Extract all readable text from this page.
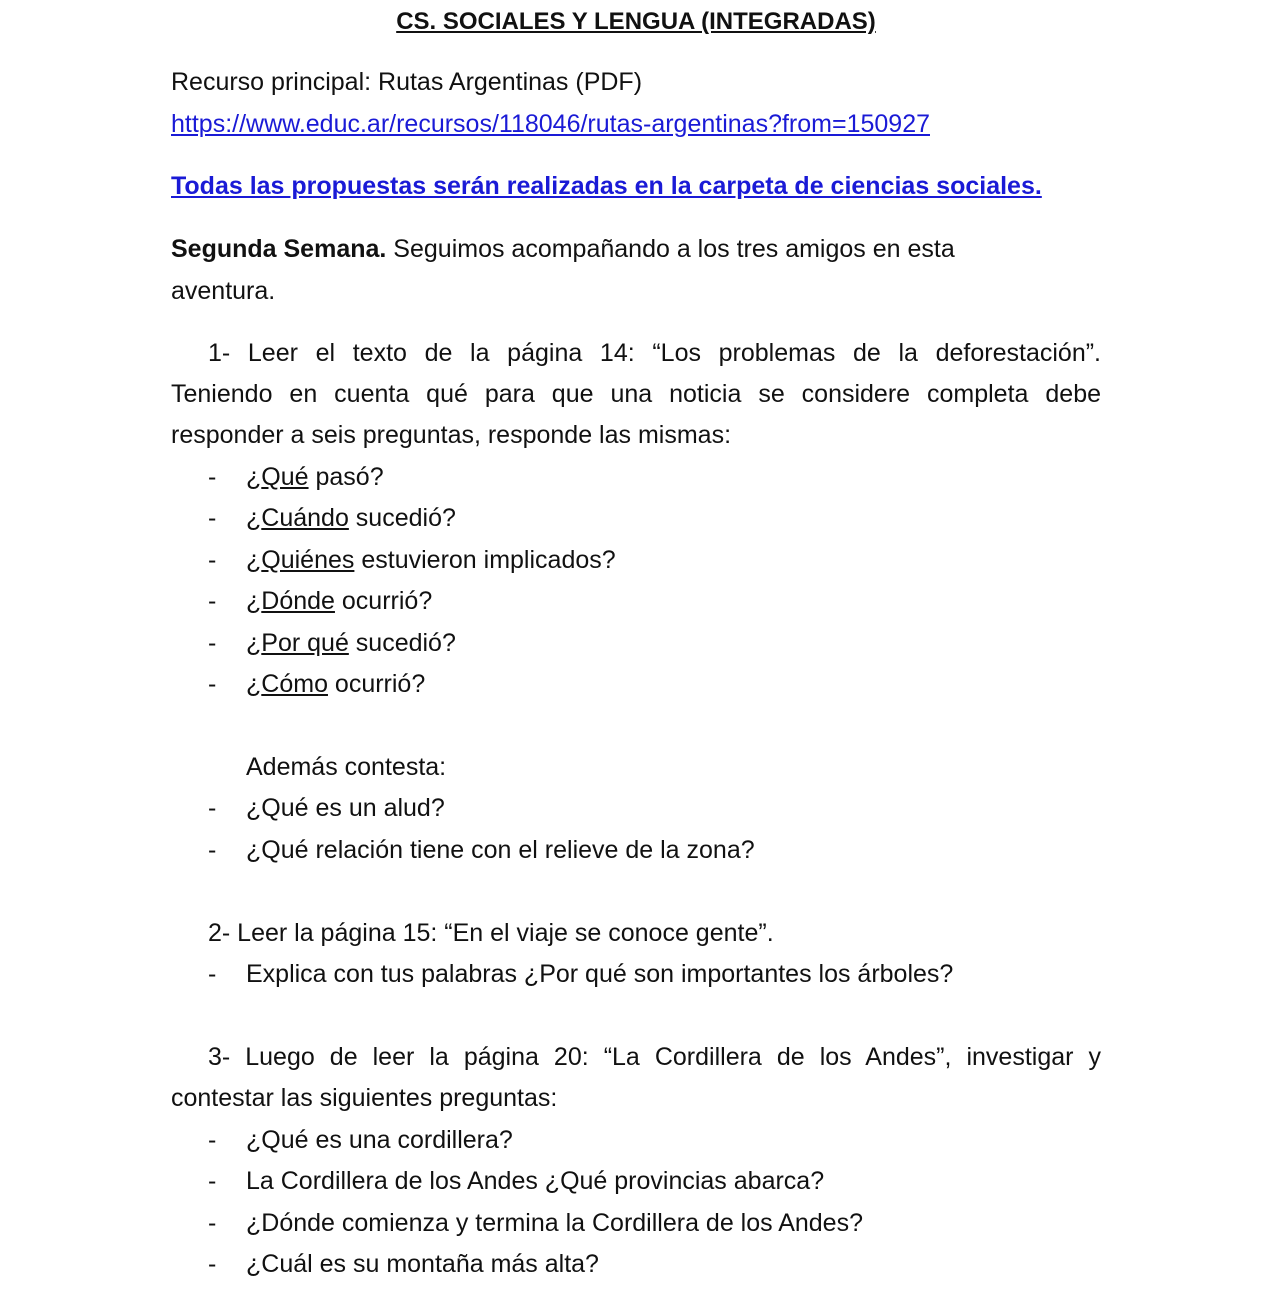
CS. SOCIALES Y LENGUA (INTEGRADAS)
Recurso principal: Rutas Argentinas (PDF)
https://www.educ.ar/recursos/118046/rutas-argentinas?from=150927
Todas las propuestas serán realizadas en la carpeta de ciencias sociales.
Segunda Semana. Seguimos acompañando a los tres amigos en esta
aventura.
1- Leer el texto de la página 14: “Los problemas de la deforestación”.
Teniendo en cuenta qué para que una noticia se considere completa debe
responder a seis preguntas, responde las mismas:
- ¿Qué pasó?
- ¿Cuándo sucedió?
- ¿Quiénes estuvieron implicados?
- ¿Dónde ocurrió?
- ¿Por qué sucedió?
- ¿Cómo ocurrió?
Además contesta:
- ¿Qué es un alud?
- ¿Qué relación tiene con el relieve de la zona?
2- Leer la página 15: “En el viaje se conoce gente”.
- Explica con tus palabras ¿Por qué son importantes los árboles?
3- Luego de leer la página 20: “La Cordillera de los Andes”, investigar y
contestar las siguientes preguntas:
- ¿Qué es una cordillera?
- La Cordillera de los Andes ¿Qué provincias abarca?
- ¿Dónde comienza y termina la Cordillera de los Andes?
- ¿Cuál es su montaña más alta?
